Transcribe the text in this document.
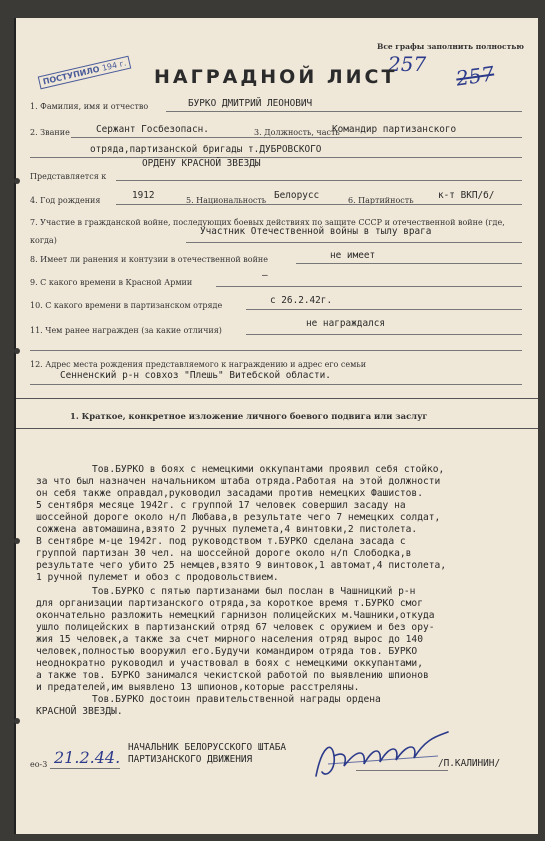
Все графы заполнить полностью
ПОСТУПИЛО 194 г.	257 257
НАГРАДНОЙ ЛИСТ
1. Фамилия, имя и отчество	БУРКО ДМИТРИЙ ЛЕОНОВИЧ
2. Звание	Сержант Госбезопасн.	3. Должность, часть
Командир партизанского
отряда,партизанской бригады т.ДУБРОВСКОГО
ОРДЕНУ КРАСНОЙ ЗВЕЗДЫ
Представляется к
4. Год рождения	1912	5. Национальность Белорусс	6. Партийность	к-т ВКП/б/
7. Участие в гражданской войне, последующих боевых действиях по защите СССР и отечественной войне (где, когда)
Участник Отечественной войны в тылу врага
8. Имеет ли ранения и контузии в отечественной войне	не имеет
9. С какого времени в Красной Армии
—
10. С какого времени в партизанском отряде	с 26.2.42г.
11. Чем ранее награжден (за какие отличия)
не награждался
12. Адрес места рождения представляемого к награждению и адрес его семьи
Сенненский р-н совхоз "Плешь" Витебской области.
1. Краткое, конкретное изложение личного боевого подвига или заслуг
Тов.БУРКО в боях с немецкими оккупантами проявил себя стойко,
за что был назначен начальником штаба отряда.Работая на этой должности
он себя также оправдал,руководил засадами против немецких Фашистов.
5 сентября месяце 1942г. с группой 17 человек совершил засаду на
шоссейной дороге около н/п Любава,в результате чего 7 немецких солдат,
сожжена автомашина,взято 2 ручных пулемета,4 винтовки,2 пистолета.
В сентябре м-це 1942г. под руководством т.БУРКО сделана засада с
группой партизан 30 чел. на шоссейной дороге около н/п Слободка,в
результате чего убито 25 немцев,взято 9 винтовок,1 автомат,4 пистолета,
1 ручной пулемет и обоз с продовольствием.
Тов.БУРКО с пятью партизанами был послан в Чашницкий р-н
для организации партизанского отряда,за короткое время т.БУРКО смог
окончательно разложить немецкий гарнизон полицейских м.Чашники,откуда
ушло полицейских в партизанский отряд 67 человек с оружием и без ору-
жия 15 человек,а также за счет мирного населения отряд вырос до 140
человек,полностью вооружил его.Будучи командиром отряда тов. БУРКО
неоднократно руководил и участвовал в боях с немецкими оккупантами,
а также тов. БУРКО занимался чекистской работой по выявлению шпионов
и предателей,им выявлено 13 шпионов,которые расстреляны.
Тов.БУРКО достоин правительственной награды ордена
КРАСНОЙ ЗВЕЗДЫ.
НАЧАЛЬНИК БЕЛОРУССКОГО ШТАБА
ПАРТИЗАНСКОГО ДВИЖЕНИЯ	/П.КАЛИНИН/
ео-3 21.2.44.
